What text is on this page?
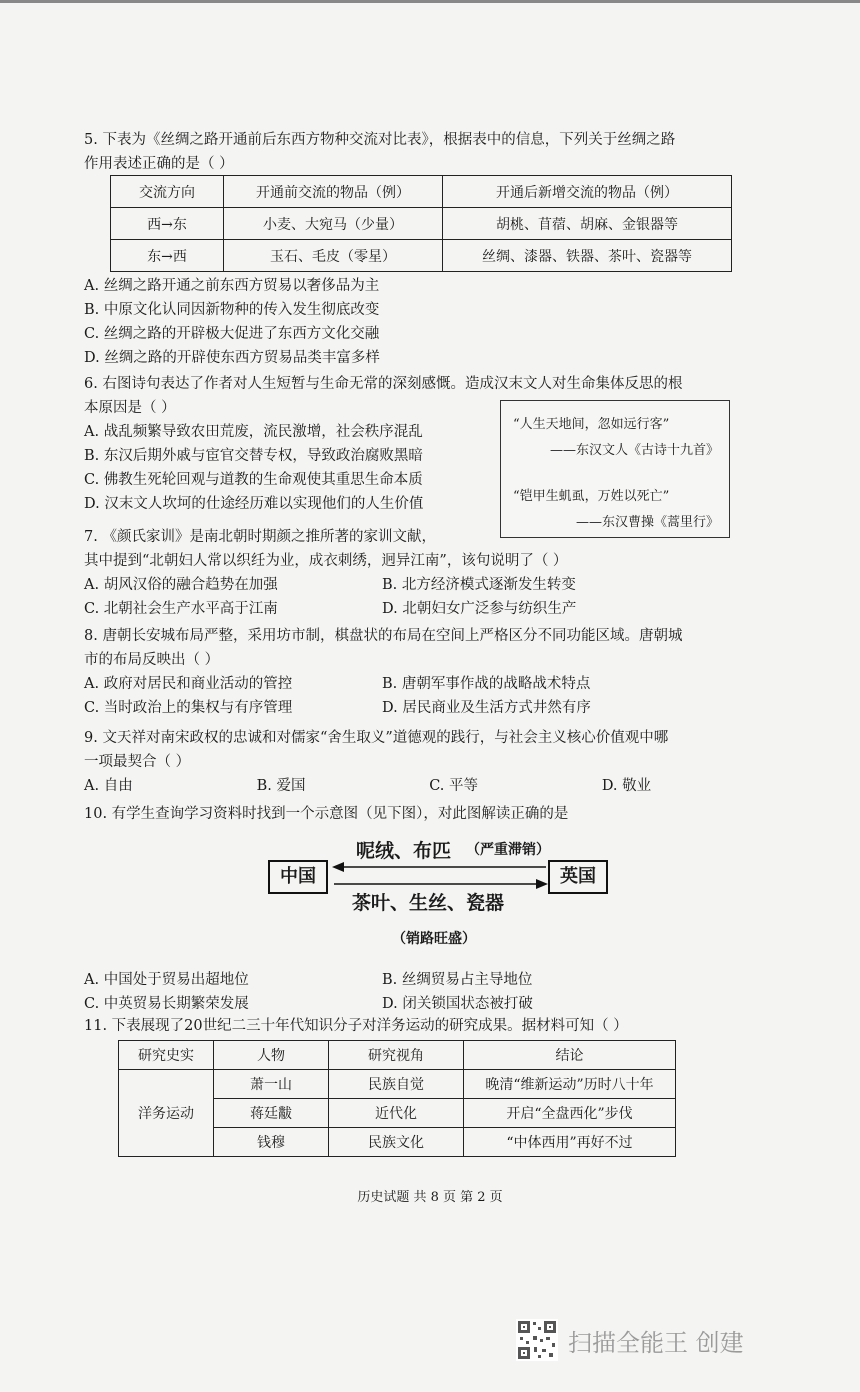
5. 下表为《丝绸之路开通前后东西方物种交流对比表》，根据表中的信息，下列关于丝绸之路
作用表述正确的是（ ）
交流方向	开通前交流的物品（例）	开通后新增交流的物品（例）
西→东	小麦、大宛马（少量）	胡桃、苜蓿、胡麻、金银器等
东→西	玉石、毛皮（零星）	丝绸、漆器、铁器、茶叶、瓷器等
A. 丝绸之路开通之前东西方贸易以奢侈品为主
B. 中原文化认同因新物种的传入发生彻底改变
C. 丝绸之路的开辟极大促进了东西方文化交融
D. 丝绸之路的开辟使东西方贸易品类丰富多样
6. 右图诗句表达了作者对人生短暂与生命无常的深刻感慨。造成汉末文人对生命集体反思的根
本原因是（ ）
A. 战乱频繁导致农田荒废，流民激增，社会秩序混乱
B. 东汉后期外戚与宦官交替专权，导致政治腐败黑暗
C. 佛教生死轮回观与道教的生命观使其重思生命本质
D. 汉末文人坎坷的仕途经历难以实现他们的人生价值
“人生天地间，忽如远行客”
——东汉文人《古诗十九首》
“铠甲生虮虱，万姓以死亡”
——东汉曹操《蒿里行》
7. 《颜氏家训》是南北朝时期颜之推所著的家训文献，
其中提到“北朝妇人常以织纴为业，成衣刺绣，迥异江南”，该句说明了（ ）
A. 胡风汉俗的融合趋势在加强	B. 北方经济模式逐渐发生转变
C. 北朝社会生产水平高于江南	D. 北朝妇女广泛参与纺织生产
8. 唐朝长安城布局严整，采用坊市制，棋盘状的布局在空间上严格区分不同功能区域。唐朝城
市的布局反映出（ ）
A. 政府对居民和商业活动的管控	B. 唐朝军事作战的战略战术特点
C. 当时政治上的集权与有序管理	D. 居民商业及生活方式井然有序
9. 文天祥对南宋政权的忠诚和对儒家“舍生取义”道德观的践行，与社会主义核心价值观中哪
一项最契合（ ）
A. 自由	B. 爱国	C. 平等	D. 敬业
10. 有学生查询学习资料时找到一个示意图（见下图），对此图解读正确的是
中国	英国
呢绒、布匹 （严重滞销）
茶叶、生丝、瓷器
（销路旺盛）
A. 中国处于贸易出超地位	B. 丝绸贸易占主导地位
C. 中英贸易长期繁荣发展	D. 闭关锁国状态被打破
11. 下表展现了20世纪二三十年代知识分子对洋务运动的研究成果。据材料可知（ ）
研究史实	人物	研究视角	结论
洋务运动	萧一山	民族自觉	晚清“维新运动”历时八十年
	蒋廷黻	近代化	开启“全盘西化”步伐
	钱穆	民族文化	“中体西用”再好不过
历史试题 共 8 页 第 2 页
扫描全能王 创建
